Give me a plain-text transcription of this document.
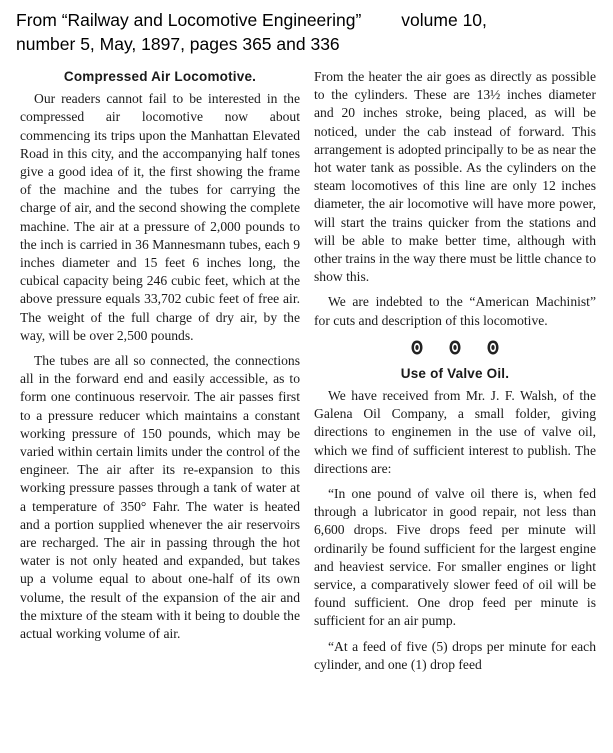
From “Railway and Locomotive Engineering” volume 10,
number 5, May, 1897, pages 365 and 336
Compressed Air Locomotive.

Our readers cannot fail to be interested in the compressed air locomotive now about commencing its trips upon the Manhattan Elevated Road in this city, and the accompanying half tones give a good idea of it, the first showing the frame of the machine and the tubes for carrying the charge of air, and the second showing the complete machine. The air at a pressure of 2,000 pounds to the inch is carried in 36 Mannesmann tubes, each 9 inches diameter and 15 feet 6 inches long, the cubical capacity being 246 cubic feet, which at the above pressure equals 33,702 cubic feet of free air. The weight of the full charge of dry air, by the way, will be over 2,500 pounds.

The tubes are all so connected, the connections all in the forward end and easily accessible, as to form one continuous reservoir. The air passes first to a pressure reducer which maintains a constant working pressure of 150 pounds, which may be varied within certain limits under the control of the engineer. The air after its re-expansion to this working pressure passes through a tank of water at a temperature of 350° Fahr. The water is heated and a portion supplied whenever the air reservoirs are recharged. The air in passing through the hot water is not only heated and expanded, but takes up a volume equal to about one-half of its own volume, the result of the expansion of the air and the mixture of the steam with it being to double the actual working volume of air.

From the heater the air goes as directly as possible to the cylinders. These are 13½ inches diameter and 20 inches stroke, being placed, as will be noticed, under the cab instead of forward. This arrangement is adopted principally to be as near the hot water tank as possible. As the cylinders on the steam locomotives of this line are only 12 inches diameter, the air locomotive will have more power, will start the trains quicker from the stations and will be able to make better time, although with other trains in the way there must be little chance to show this.

We are indebted to the “American Machinist” for cuts and description of this locomotive.

Use of Valve Oil.

We have received from Mr. J. F. Walsh, of the Galena Oil Company, a small folder, giving directions to enginemen in the use of valve oil, which we find of sufficient interest to publish. The directions are:

“In one pound of valve oil there is, when fed through a lubricator in good repair, not less than 6,600 drops. Five drops feed per minute will ordinarily be found sufficient for the largest engine and heaviest service. For smaller engines or light service, a comparatively slower feed of oil will be found sufficient. One drop feed per minute is sufficient for an air pump.

“At a feed of five (5) drops per minute for each cylinder, and one (1) drop feed
